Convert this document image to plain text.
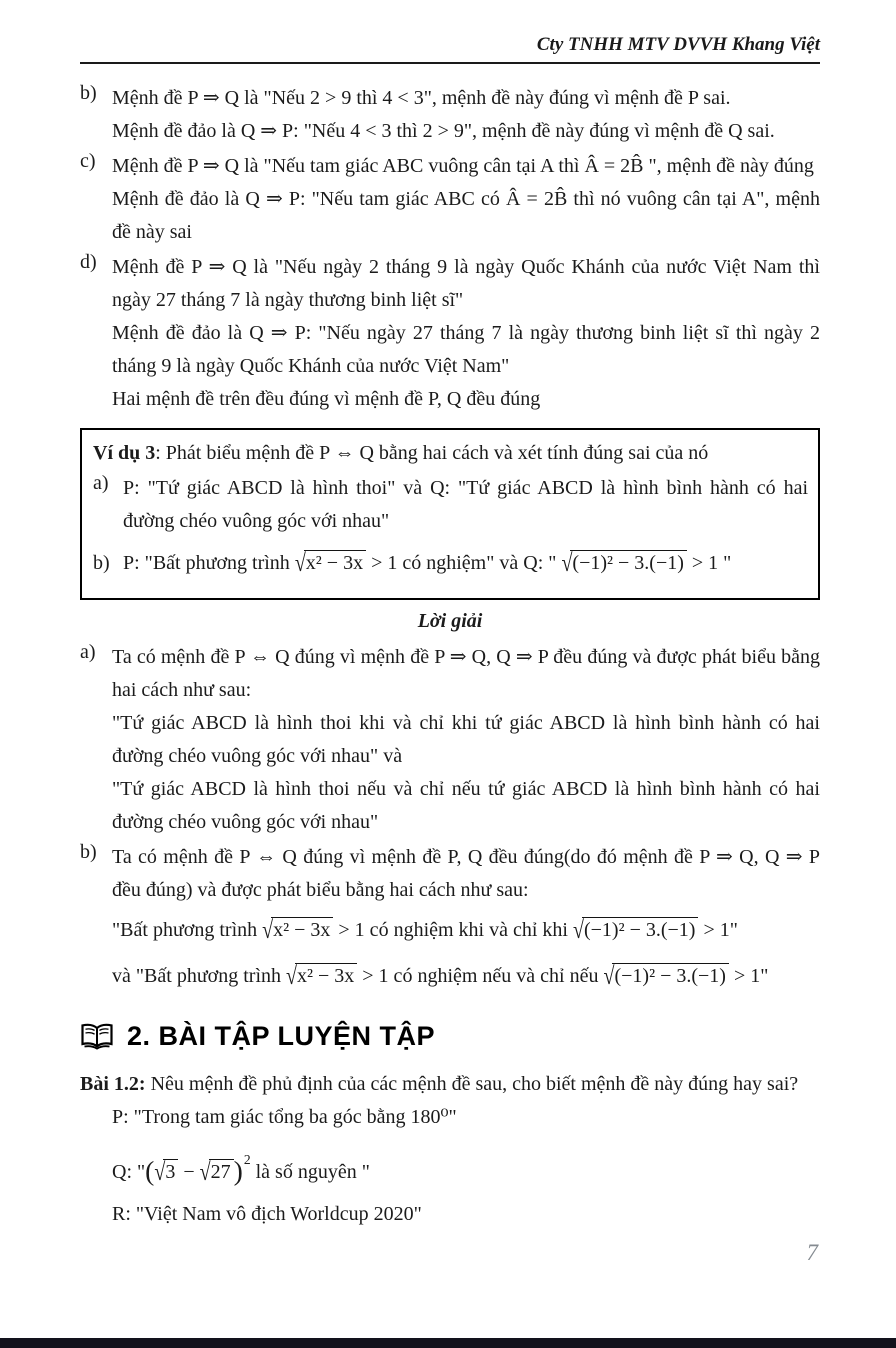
Cty TNHH MTV DVVH Khang Việt
b) Mệnh đề P ⇒ Q là "Nếu 2 > 9 thì 4 < 3", mệnh đề này đúng vì mệnh đề P sai.

Mệnh đề đảo là Q ⇒ P: "Nếu 4 < 3 thì 2 > 9", mệnh đề này đúng vì mệnh đề Q sai.

c) Mệnh đề P ⇒ Q là "Nếu tam giác ABC vuông cân tại A thì Â = 2B̂ ", mệnh đề này đúng

Mệnh đề đảo là Q ⇒ P: "Nếu tam giác ABC có Â = 2B̂ thì nó vuông cân tại A", mệnh đề này sai

d) Mệnh đề P ⇒ Q là "Nếu ngày 2 tháng 9 là ngày Quốc Khánh của nước Việt Nam thì ngày 27 tháng 7 là ngày thương binh liệt sĩ"

Mệnh đề đảo là Q ⇒ P: "Nếu ngày 27 tháng 7 là ngày thương binh liệt sĩ thì ngày 2 tháng 9 là ngày Quốc Khánh của nước Việt Nam"

Hai mệnh đề trên đều đúng vì mệnh đề P, Q đều đúng

Ví dụ 3: Phát biểu mệnh đề P ⇔ Q bằng hai cách và xét tính đúng sai của nó

a) P: "Tứ giác ABCD là hình thoi" và Q: "Tứ giác ABCD là hình bình hành có hai đường chéo vuông góc với nhau"

b) P: "Bất phương trình √ x² − 3x > 1 có nghiệm" và Q: " √ (−1)² − 3.(−1) > 1 "

Lời giải

a) Ta có mệnh đề P ⇔ Q đúng vì mệnh đề P ⇒ Q, Q ⇒ P đều đúng và được phát biểu bằng hai cách như sau:

"Tứ giác ABCD là hình thoi khi và chỉ khi tứ giác ABCD là hình bình hành có hai đường chéo vuông góc với nhau" và

"Tứ giác ABCD là hình thoi nếu và chỉ nếu tứ giác ABCD là hình bình hành có hai đường chéo vuông góc với nhau"

b) Ta có mệnh đề P ⇔ Q đúng vì mệnh đề P, Q đều đúng(do đó mệnh đề P ⇒ Q, Q ⇒ P đều đúng) và được phát biểu bằng hai cách như sau:

"Bất phương trình √ x² − 3x > 1 có nghiệm khi và chỉ khi √ (−1)² − 3.(−1) > 1"

và "Bất phương trình √ x² − 3x > 1 có nghiệm nếu và chỉ nếu √ (−1)² − 3.(−1) > 1"

2. BÀI TẬP LUYỆN TẬP

Bài 1.2: Nêu mệnh đề phủ định của các mệnh đề sau, cho biết mệnh đề này đúng hay sai?

P: "Trong tam giác tổng ba góc bằng 180⁰"

Q: "( √ 3 − √ 27 )$^2$ là số nguyên "

R: "Việt Nam vô địch Worldcup 2020"

7
